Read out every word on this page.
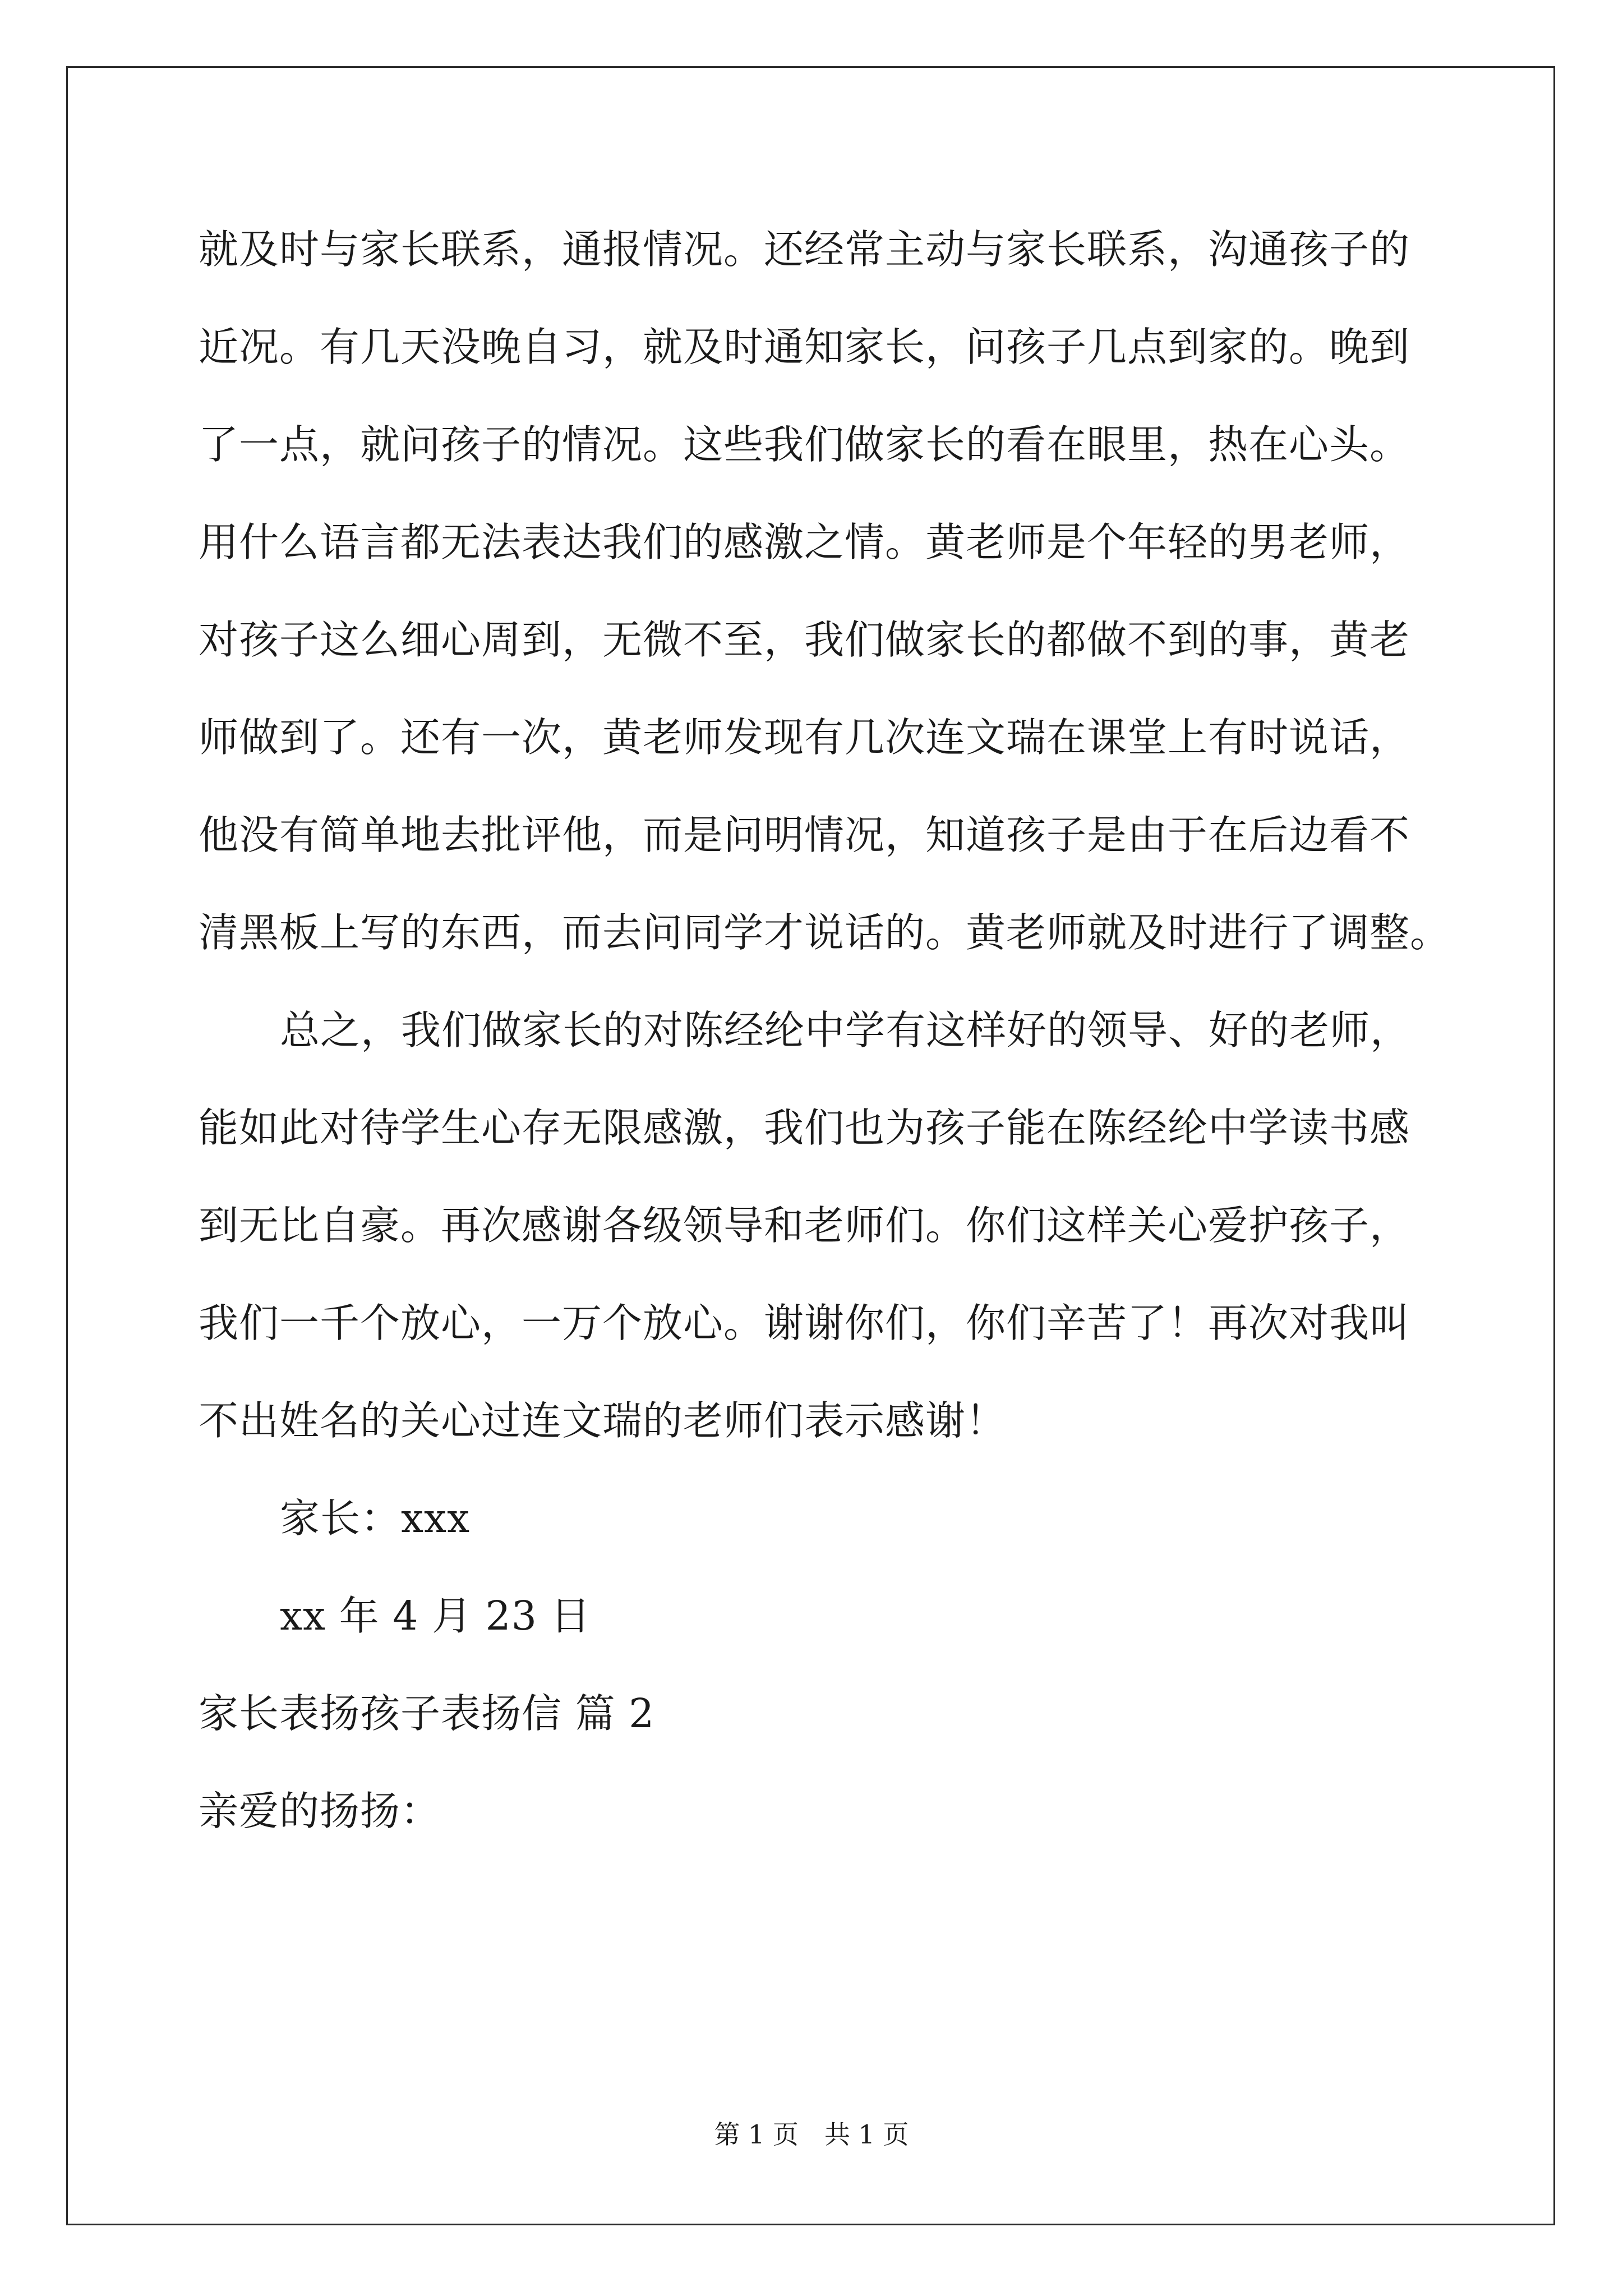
就及时与家长联系，通报情况。还经常主动与家长联系，沟通孩子的
近况。有几天没晚自习，就及时通知家长，问孩子几点到家的。晚到
了一点，就问孩子的情况。这些我们做家长的看在眼里，热在心头。
用什么语言都无法表达我们的感激之情。黄老师是个年轻的男老师，
对孩子这么细心周到，无微不至，我们做家长的都做不到的事，黄老
师做到了。还有一次，黄老师发现有几次连文瑞在课堂上有时说话，
他没有简单地去批评他，而是问明情况，知道孩子是由于在后边看不
清黑板上写的东西，而去问同学才说话的。黄老师就及时进行了调整。
总之，我们做家长的对陈经纶中学有这样好的领导、好的老师，
能如此对待学生心存无限感激，我们也为孩子能在陈经纶中学读书感
到无比自豪。再次感谢各级领导和老师们。你们这样关心爱护孩子，
我们一千个放心，一万个放心。谢谢你们，你们辛苦了！再次对我叫
不出姓名的关心过连文瑞的老师们表示感谢！
家长：xxx
xx 年 4 月 23 日
家长表扬孩子表扬信 篇 2
亲爱的扬扬：
第 1 页　共 1 页
